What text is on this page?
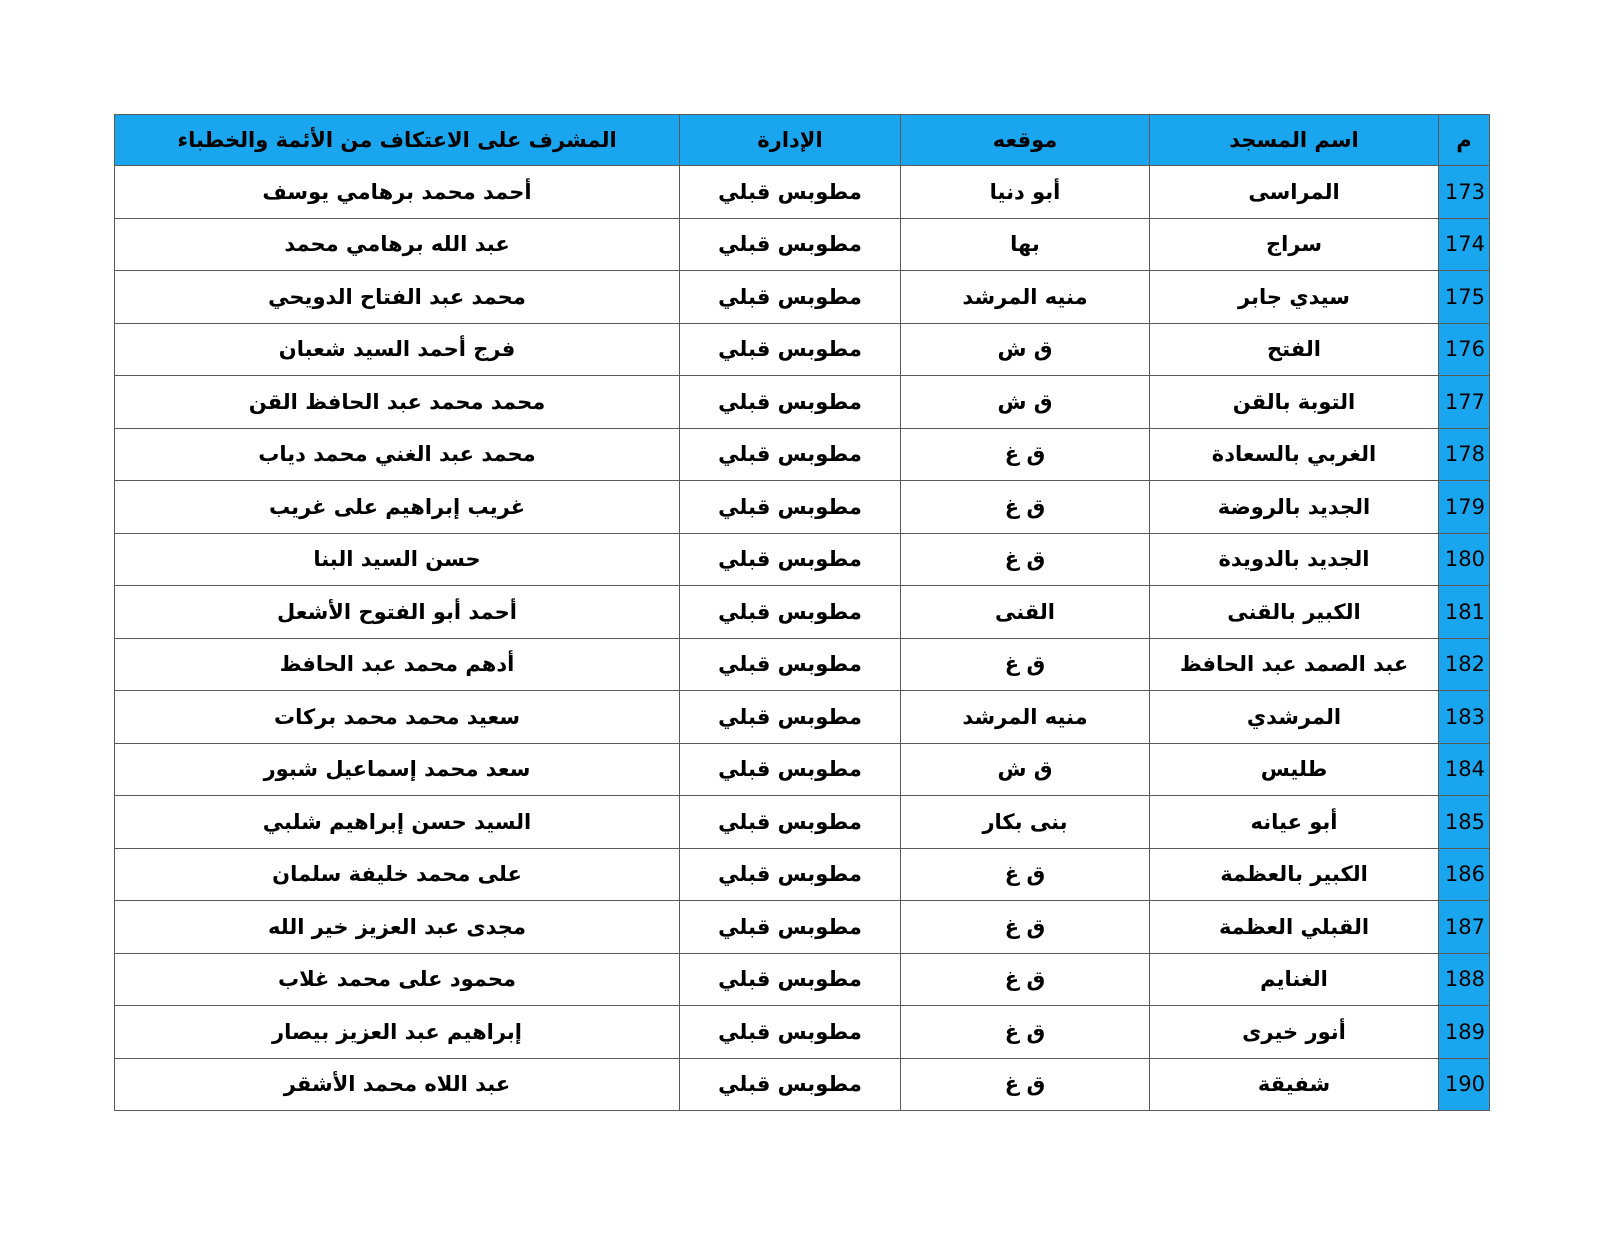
المشرف على الاعتكاف من الأئمة والخطباء	الإدارة	موقعه	اسم المسجد	م
أحمد محمد برهامي يوسف	مطوبس قبلي	أبو دنيا	المراسى	173
عبد الله برهامي محمد	مطوبس قبلي	بها	سراج	174
محمد عبد الفتاح الدويحي	مطوبس قبلي	منيه المرشد	سيدي جابر	175
فرج أحمد السيد شعبان	مطوبس قبلي	ق ش	الفتح	176
محمد محمد عبد الحافظ القن	مطوبس قبلي	ق ش	التوبة بالقن	177
محمد عبد الغني محمد دياب	مطوبس قبلي	ق غ	الغربي بالسعادة	178
غريب إبراهيم على غريب	مطوبس قبلي	ق غ	الجديد بالروضة	179
حسن السيد البنا	مطوبس قبلي	ق غ	الجديد بالدويدة	180
أحمد أبو الفتوح الأشعل	مطوبس قبلي	القنى	الكبير بالقنى	181
أدهم محمد عبد الحافظ	مطوبس قبلي	ق غ	عبد الصمد عبد الحافظ	182
سعيد محمد محمد بركات	مطوبس قبلي	منيه المرشد	المرشدي	183
سعد محمد إسماعيل شبور	مطوبس قبلي	ق ش	طليس	184
السيد حسن إبراهيم شلبي	مطوبس قبلي	بنى بكار	أبو عيانه	185
على محمد خليفة سلمان	مطوبس قبلي	ق غ	الكبير بالعظمة	186
مجدى عبد العزيز خير الله	مطوبس قبلي	ق غ	القبلي العظمة	187
محمود على محمد غلاب	مطوبس قبلي	ق غ	الغنايم	188
إبراهيم عبد العزيز بيصار	مطوبس قبلي	ق غ	أنور خيرى	189
عبد اللاه محمد الأشقر	مطوبس قبلي	ق غ	شفيقة	190
